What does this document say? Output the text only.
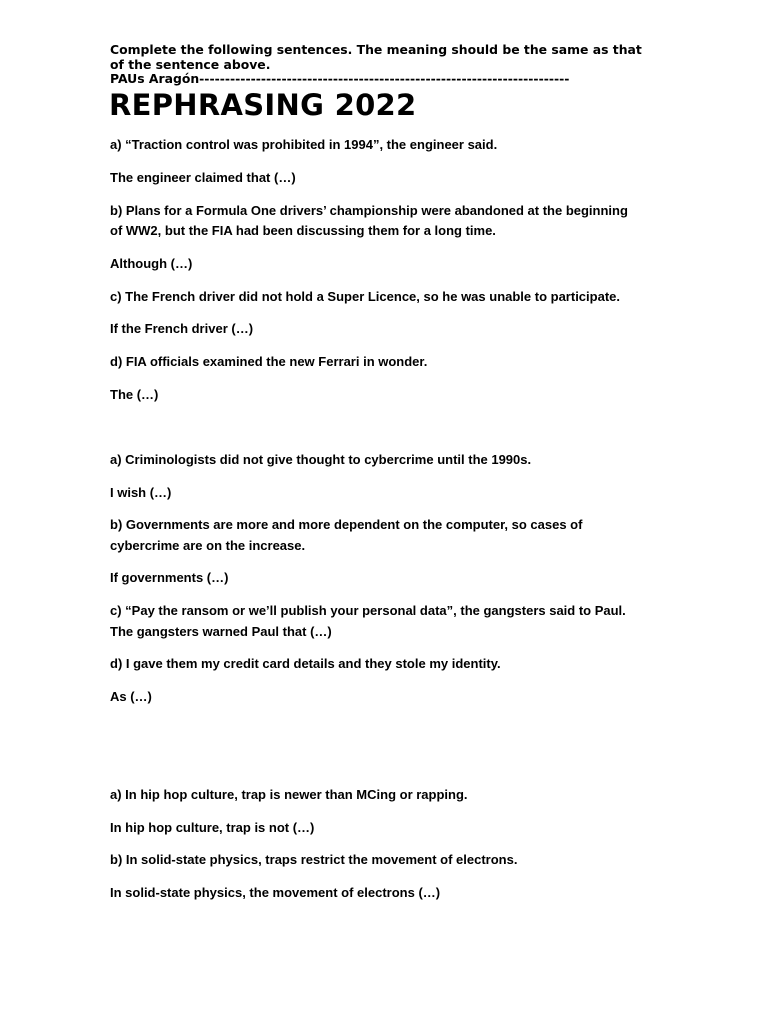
Complete the following sentences. The meaning should be the same as that
of the sentence above.
PAUs Aragón------------------------------------------------------------------------
REPHRASING 2022
a) “Traction control was prohibited in 1994”, the engineer said.
The engineer claimed that (…)
b) Plans for a Formula One drivers’ championship were abandoned at the beginning
of WW2, but the FIA had been discussing them for a long time.
Although (…)
c) The French driver did not hold a Super Licence, so he was unable to participate.
If the French driver (…)
d) FIA officials examined the new Ferrari in wonder.
The (…)
a) Criminologists did not give thought to cybercrime until the 1990s.
I wish (…)
b) Governments are more and more dependent on the computer, so cases of
cybercrime are on the increase.
If governments (…)
c) “Pay the ransom or we’ll publish your personal data”, the gangsters said to Paul.
The gangsters warned Paul that (…)
d) I gave them my credit card details and they stole my identity.
As (…)
a) In hip hop culture, trap is newer than MCing or rapping.
In hip hop culture, trap is not (…)
b) In solid-state physics, traps restrict the movement of electrons.
In solid-state physics, the movement of electrons (…)
